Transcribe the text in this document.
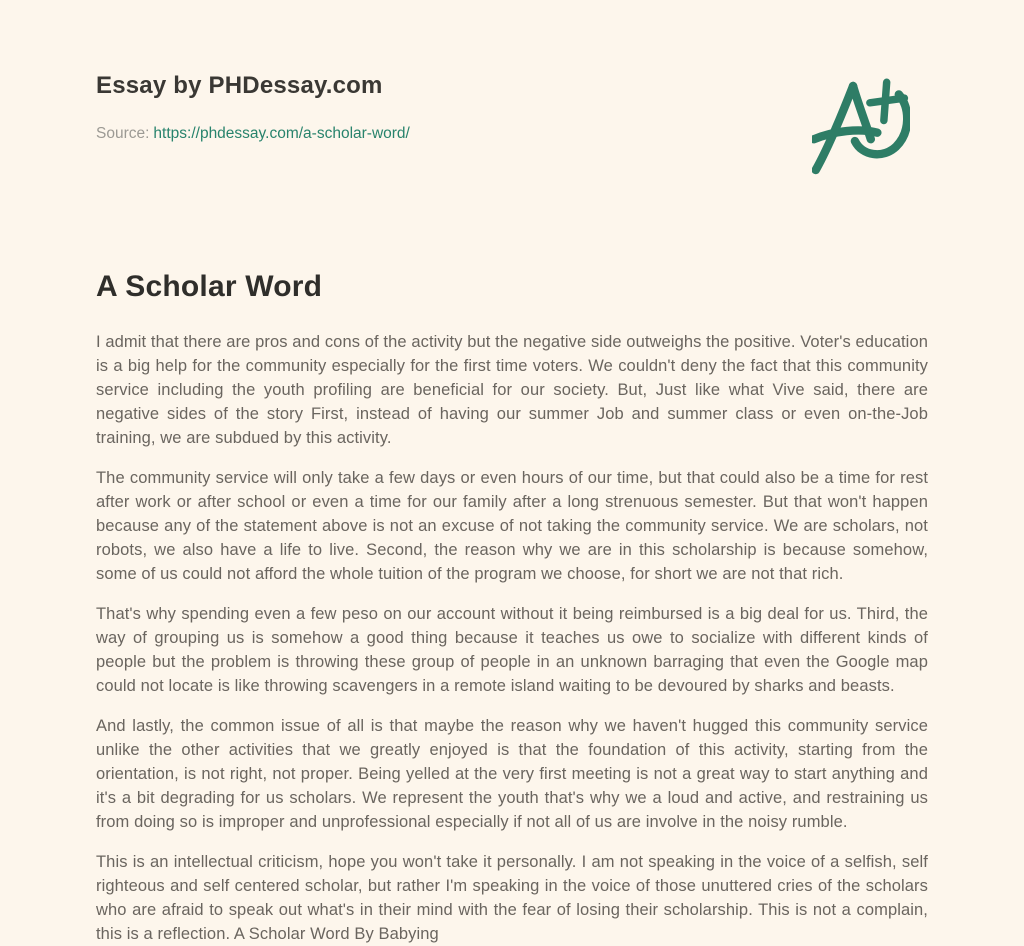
Essay by PHDessay.com
Source: https://phdessay.com/a-scholar-word/
A Scholar Word

I admit that there are pros and cons of the activity but the negative side outweighs the positive. Voter's education is a big help for the community especially for the first time voters. We couldn't deny the fact that this community service including the youth profiling are beneficial for our society. But, Just like what Vive said, there are negative sides of the story First, instead of having our summer Job and summer class or even on-the-Job training, we are subdued by this activity.

The community service will only take a few days or even hours of our time, but that could also be a time for rest after work or after school or even a time for our family after a long strenuous semester. But that won't happen because any of the statement above is not an excuse of not taking the community service. We are scholars, not robots, we also have a life to live. Second, the reason why we are in this scholarship is because somehow, some of us could not afford the whole tuition of the program we choose, for short we are not that rich.

That's why spending even a few peso on our account without it being reimbursed is a big deal for us. Third, the way of grouping us is somehow a good thing because it teaches us owe to socialize with different kinds of people but the problem is throwing these group of people in an unknown barraging that even the Google map could not locate is like throwing scavengers in a remote island waiting to be devoured by sharks and beasts.

And lastly, the common issue of all is that maybe the reason why we haven't hugged this community service unlike the other activities that we greatly enjoyed is that the foundation of this activity, starting from the orientation, is not right, not proper. Being yelled at the very first meeting is not a great way to start anything and it's a bit degrading for us scholars. We represent the youth that's why we a loud and active, and restraining us from doing so is improper and unprofessional especially if not all of us are involve in the noisy rumble.

This is an intellectual criticism, hope you won't take it personally. I am not speaking in the voice of a selfish, self righteous and self centered scholar, but rather I'm speaking in the voice of those unuttered cries of the scholars who are afraid to speak out what's in their mind with the fear of losing their scholarship. This is not a complain, this is a reflection. A Scholar Word By Babying
